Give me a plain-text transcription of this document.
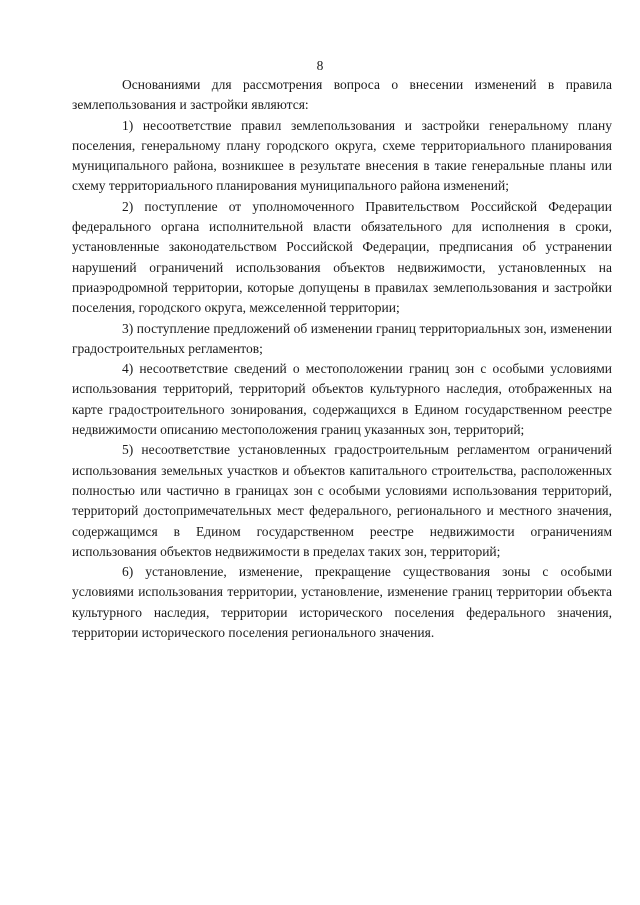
8

Основаниями для рассмотрения вопроса о внесении изменений в правила землепользования и застройки являются:

1) несоответствие правил землепользования и застройки генеральному плану поселения, генеральному плану городского округа, схеме территориального планирования муниципального района, возникшее в результате внесения в такие генеральные планы или схему территориального планирования муниципального района изменений;

2) поступление от уполномоченного Правительством Российской Федерации федерального органа исполнительной власти обязательного для исполнения в сроки, установленные законодательством Российской Федерации, предписания об устранении нарушений ограничений использования объектов недвижимости, установленных на приаэродромной территории, которые допущены в правилах землепользования и застройки поселения, городского округа, межселенной территории;

3) поступление предложений об изменении границ территориальных зон, изменении градостроительных регламентов;

4) несоответствие сведений о местоположении границ зон с особыми условиями использования территорий, территорий объектов культурного наследия, отображенных на карте градостроительного зонирования, содержащихся в Едином государственном реестре недвижимости описанию местоположения границ указанных зон, территорий;

5) несоответствие установленных градостроительным регламентом ограничений использования земельных участков и объектов капитального строительства, расположенных полностью или частично в границах зон с особыми условиями использования территорий, территорий достопримечательных мест федерального, регионального и местного значения, содержащимся в Едином государственном реестре недвижимости ограничениям использования объектов недвижимости в пределах таких зон, территорий;

6) установление, изменение, прекращение существования зоны с особыми условиями использования территории, установление, изменение границ территории объекта культурного наследия, территории исторического поселения федерального значения, территории исторического поселения регионального значения.
